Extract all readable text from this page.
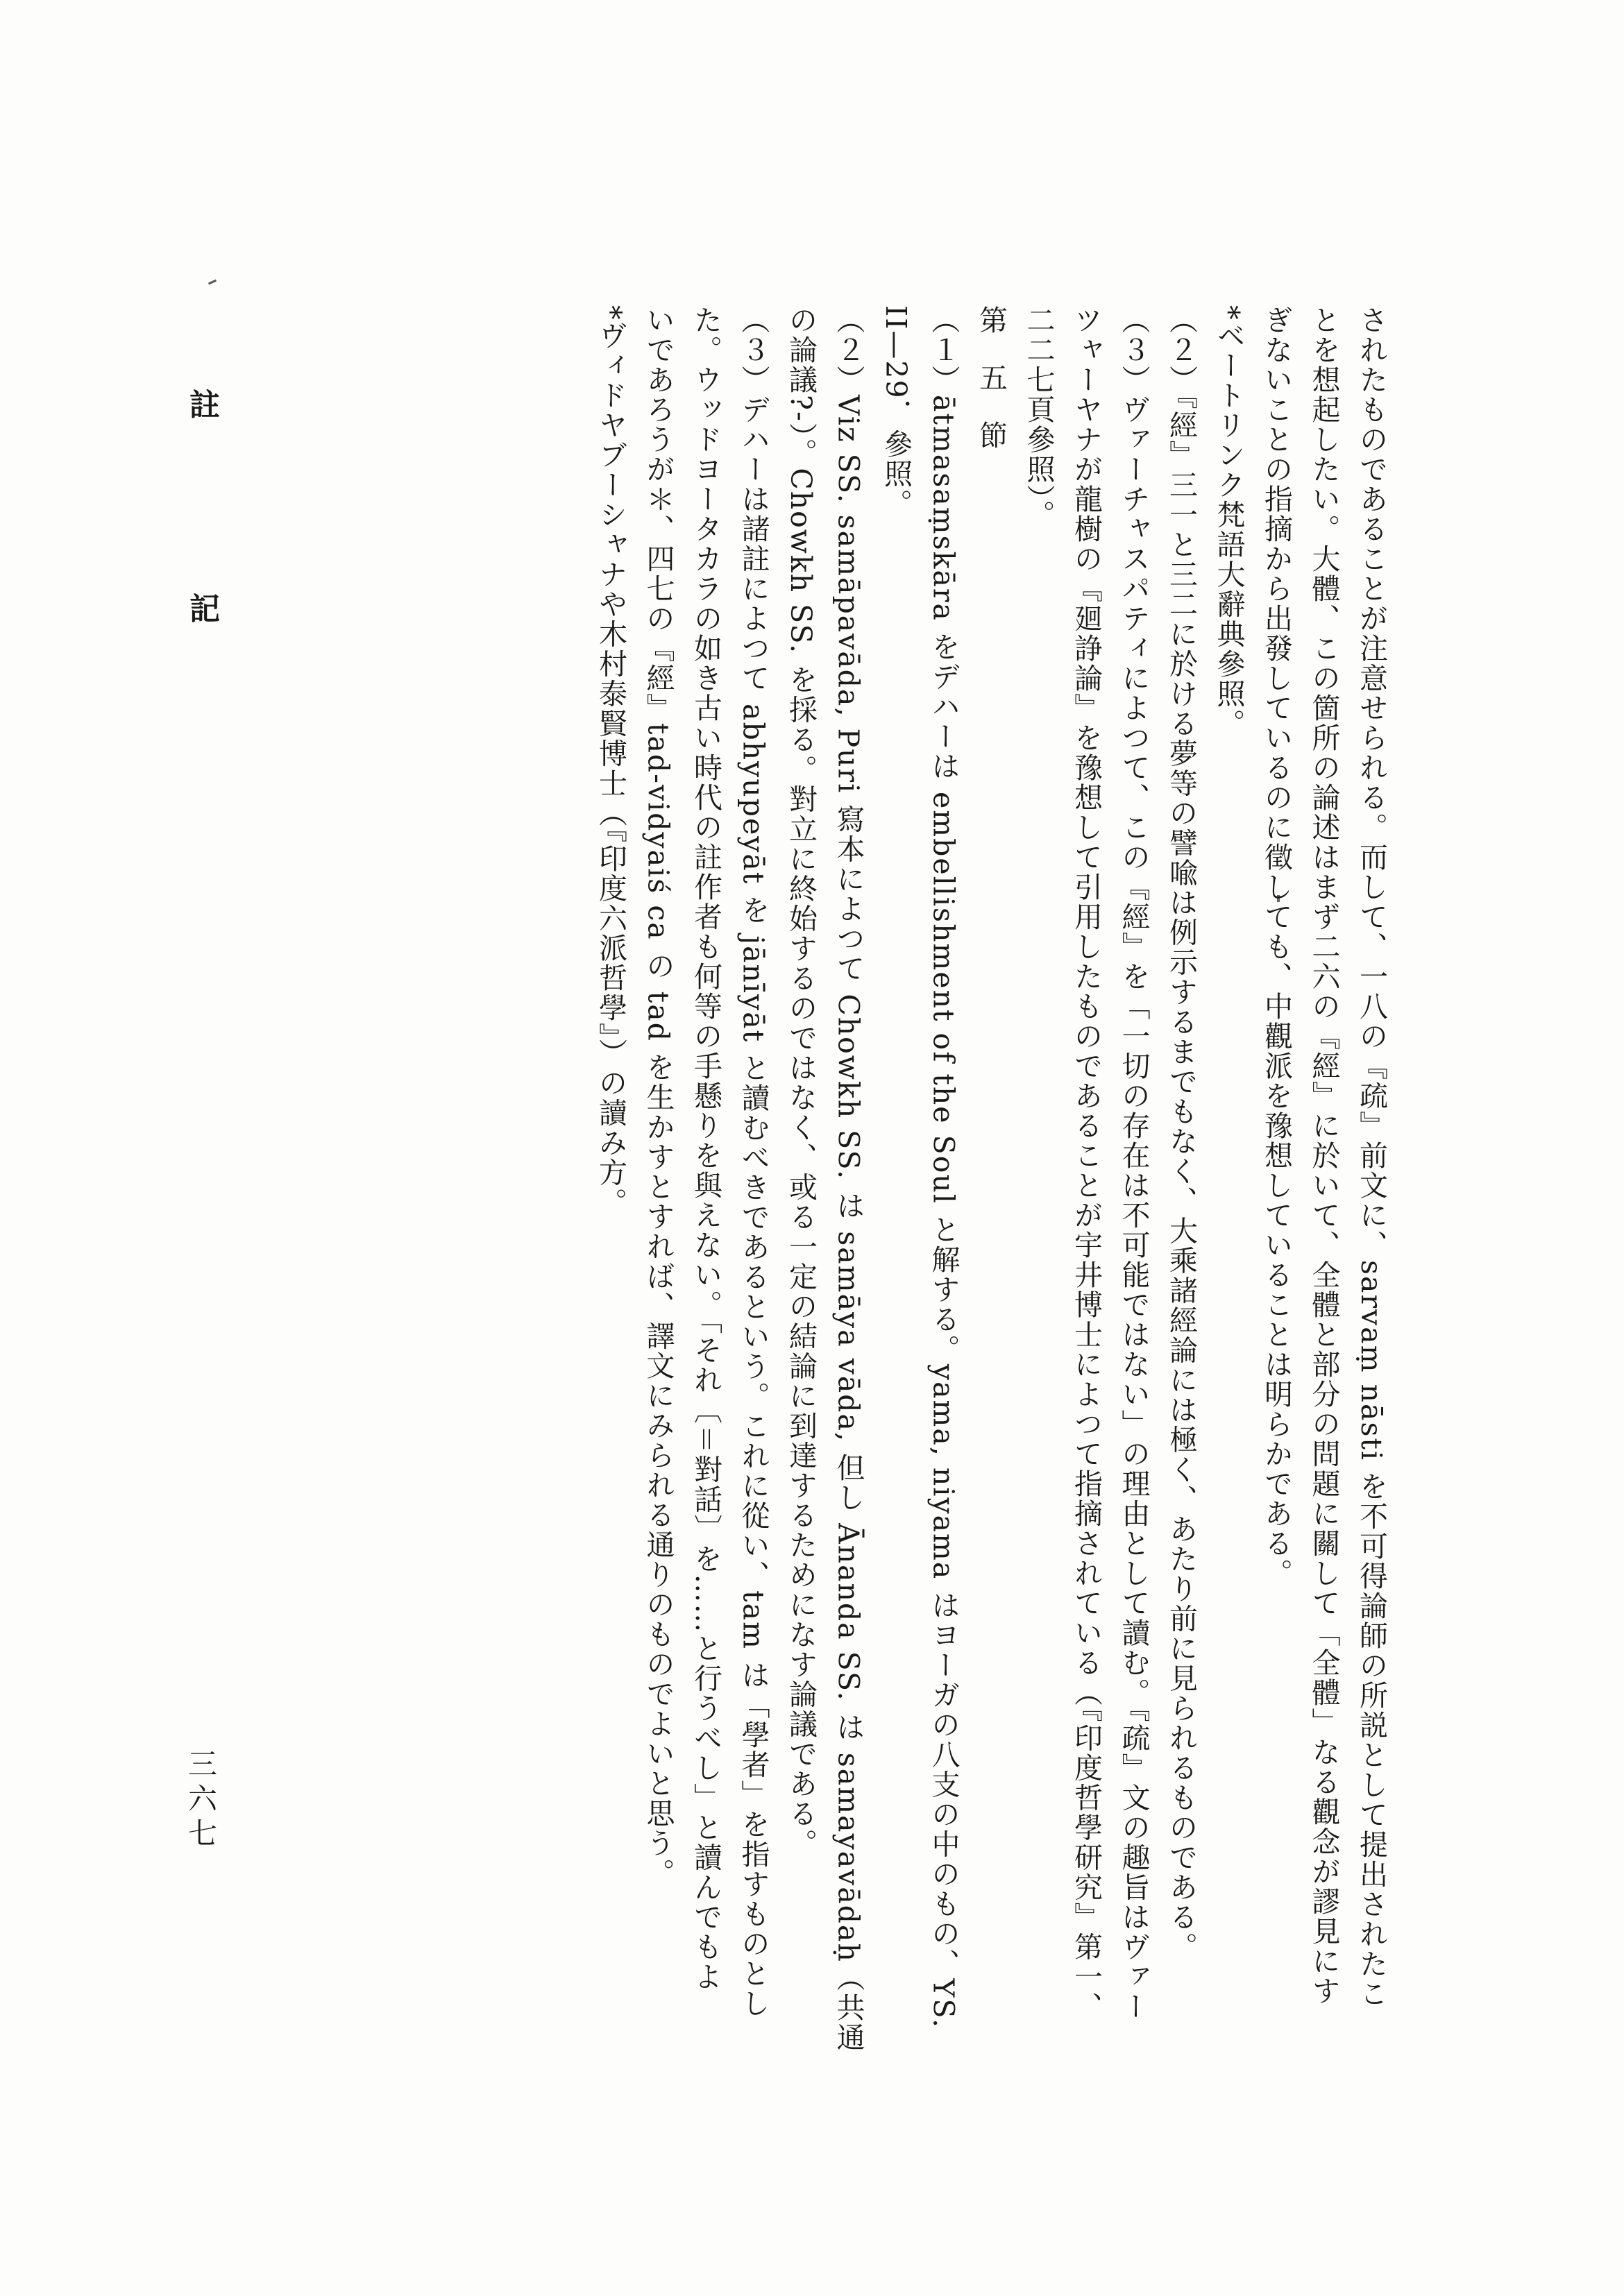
註記
三六七	されたものであることが注意せられる。而して、一八の『疏』前文に、sarvaṃ nāsti を不可得論師の所説として提出されたこ
とを想起したい。大體、この箇所の論述はまず二六の『經』に於いて、全體と部分の問題に關して「全體」なる觀念が謬見にす
ぎないことの指摘から出發しているのに徵しても、中觀派を豫想していることは明らかである。
*ベートリンク梵語大辭典參照。
（２）『經』三一と三二に於ける夢等の譬喩は例示するまでもなく、大乘諸經論には極く、あたり前に見られるものである。
（３）ヴァーチャスパティによつて、この『經』を「一切の存在は不可能ではない」の理由として讀む。『疏』文の趣旨はヴァー
ツャーヤナが龍樹の『廻諍論』を豫想して引用したものであることが宇井博士によつて指摘されている（『印度哲學研究』第一、
二二七頁參照）。
第五節
（１）ātmasaṃskāra をデハーは embellishment of the Soul と解する。yama, niyama はヨーガの八支の中のもの、YS.
II—29．參照。
（２）Viz SS. samāpavāda, Puri 寫本によつて Chowkh SS. は samāya vāda, 但し Ānanda SS. は samayavādaḥ（共通
の論議?-）。Chowkh SS. を採る。對立に終始するのではなく、或る一定の結論に到達するためになす論議である。
（３）デハーは諸註によつて abhyupeyāt を jānīyāt と讀むべきであるという。これに從い、tam は「學者」を指すものとし
た。ウッドヨータカラの如き古い時代の註作者も何等の手懸りを與えない。「それ〔＝對話〕を……と行うべし」と讀んでもよ
いであろうが＊、四七の『經』tad-vidyaiś ca の tad を生かすとすれば、譯文にみられる通りのものでよいと思う。
*ヴィドヤブーシャナや木村泰賢博士（『印度六派哲學』）の讀み方。
